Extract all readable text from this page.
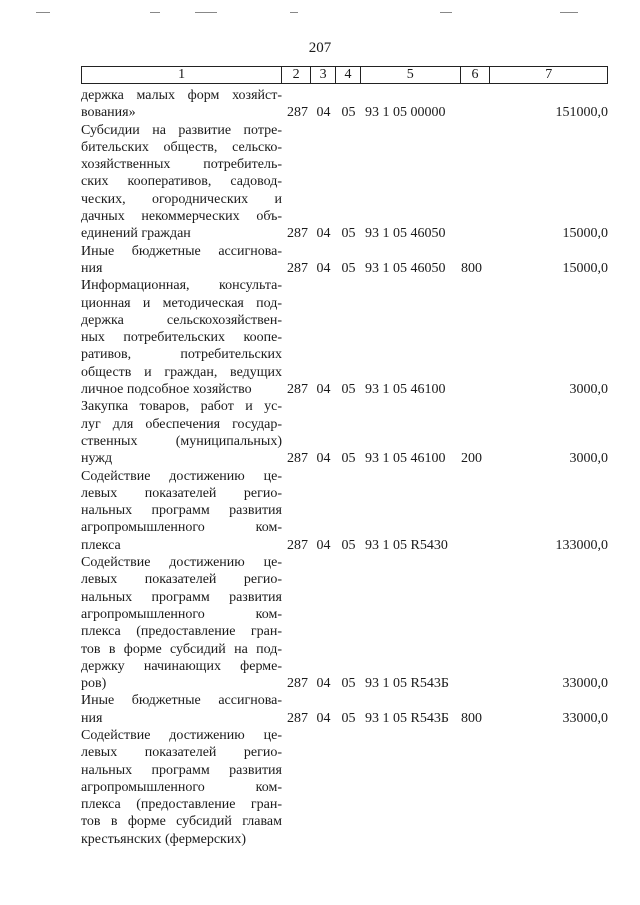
207
1	2	3	4	5	6	7
держка малых форм хозяйст-
вования»	287 04 05 93 1 05 00000	151000,0
Субсидии на развитие потре-
бительских обществ, сельско-
хозяйственных потребитель-
ских кооперативов, садовод-
ческих, огороднических и
дачных некоммерческих объ-
единений граждан	287 04 05 93 1 05 46050	15000,0
Иные бюджетные ассигнова-
ния	287 04 05 93 1 05 46050	800	15000,0
Информационная, консульта-
ционная и методическая под-
держка сельскохозяйствен-
ных потребительских коопе-
ративов, потребительских
обществ и граждан, ведущих
личное подсобное хозяйство	287 04 05 93 1 05 46100	3000,0
Закупка товаров, работ и ус-
луг для обеспечения государ-
ственных (муниципальных)
нужд	287 04 05 93 1 05 46100	200	3000,0
Содействие достижению це-
левых показателей регио-
нальных программ развития
агропромышленного ком-
плекса	287 04 05 93 1 05 R5430	133000,0
Содействие достижению це-
левых показателей регио-
нальных программ развития
агропромышленного ком-
плекса (предоставление гран-
тов в форме субсидий на под-
держку начинающих ферме-
ров)	287 04 05 93 1 05 R543Б	33000,0
Иные бюджетные ассигнова-
ния	287 04 05 93 1 05 R543Б 800	33000,0
Содействие достижению це-
левых показателей регио-
нальных программ развития
агропромышленного ком-
плекса (предоставление гран-
тов в форме субсидий главам
крестьянских (фермерских)
